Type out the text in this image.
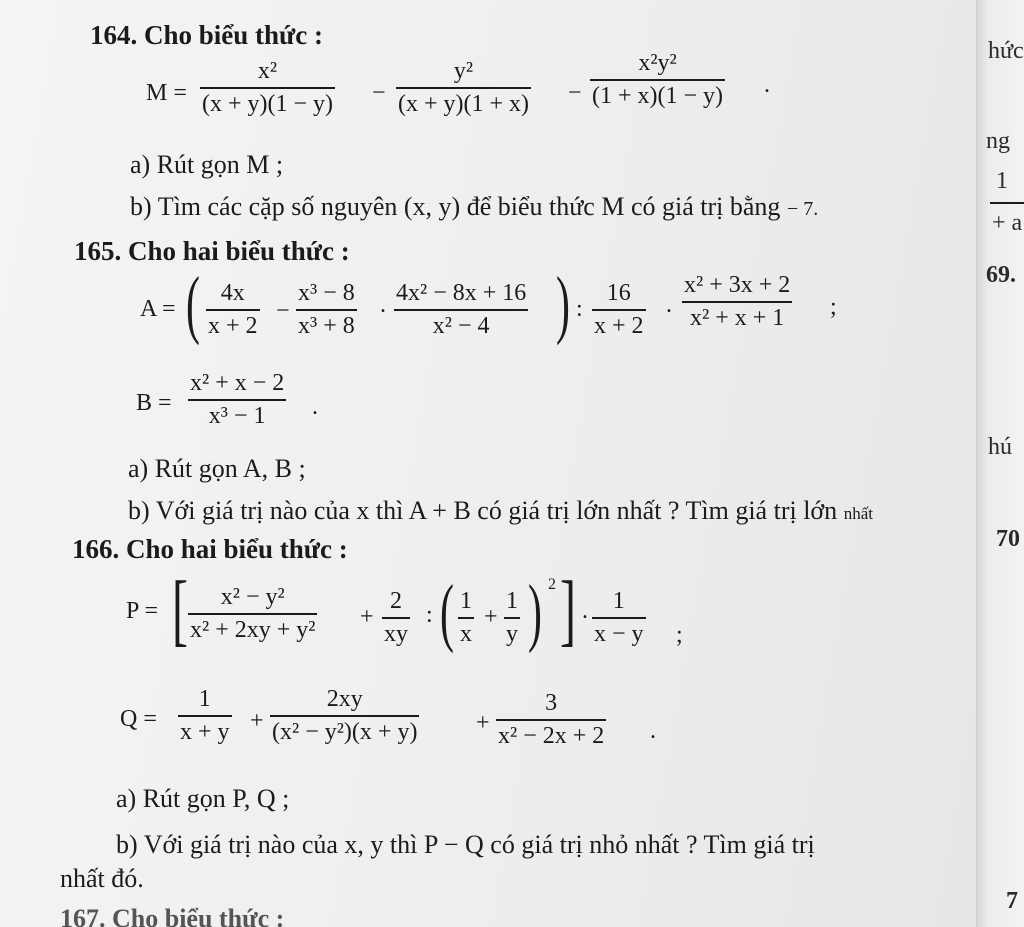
164. Cho biểu thức :
M =
x²
(x + y)(1 − y) −
y²
(x + y)(1 + x) −
x²y²
(1 + x)(1 − y) .
a) Rút gọn M ;
b) Tìm các cặp số nguyên (x, y) để biểu thức M có giá trị bằng − 7.
165. Cho hai biểu thức :
A = ( 4x
x + 2
−
x³ − 8
x³ + 8
. 4x² − 8x + 16
x² − 4 ) :
16
x + 2
.
x² + 3x + 2
x² + x + 1 ;
B =
x² + x − 2
x³ − 1 .
a) Rút gọn A, B ;
b) Với giá trị nào của x thì A + B có giá trị lớn nhất ? Tìm giá trị lớn nhất
166. Cho hai biểu thức :
P = [ x² − y²
x² + 2xy + y² +
2
xy
: ( 1
x
+
1
y ) 2 ] . 1
x − y ;
Q =
1
x + y +
2xy
(x² − y²)(x + y) +
3
x² − 2x + 2 .
a) Rút gọn P, Q ;
b) Với giá trị nào của x, y thì P − Q có giá trị nhỏ nhất ? Tìm giá trị
nhất đó.
167. Cho biểu thức :
hức
ng
1
+ a
69.
hú
70
7
